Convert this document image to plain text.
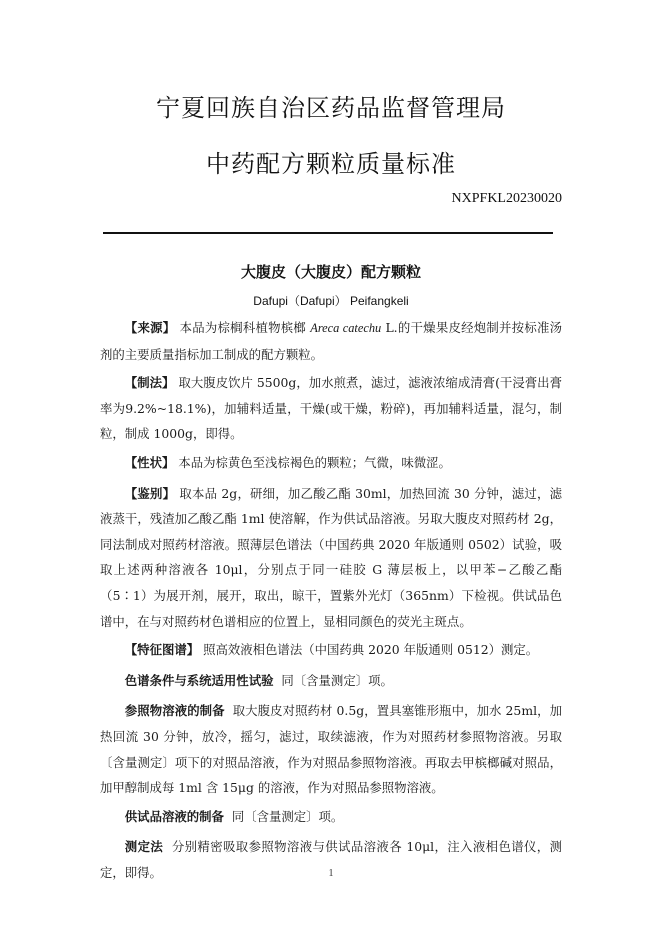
宁夏回族自治区药品监督管理局
中药配方颗粒质量标准
NXPFKL20230020
大腹皮（大腹皮）配方颗粒
Dafupi（Dafupi） Peifangkeli

【来源】 本品为棕榈科植物槟榔 Areca catechu L.的干燥果皮经炮制并按标准汤剂的主要质量指标加工制成的配方颗粒。

【制法】 取大腹皮饮片 5500g，加水煎煮，滤过，滤液浓缩成清膏(干浸膏出膏率为9.2%~18.1%)，加辅料适量，干燥(或干燥，粉碎)，再加辅料适量，混匀，制粒，制成 1000g，即得。

【性状】 本品为棕黄色至浅棕褐色的颗粒；气微，味微涩。

【鉴别】 取本品 2g，研细，加乙酸乙酯 30ml，加热回流 30 分钟，滤过，滤液蒸干，残渣加乙酸乙酯 1ml 使溶解，作为供试品溶液。另取大腹皮对照药材 2g，同法制成对照药材溶液。照薄层色谱法（中国药典 2020 年版通则 0502）试验，吸取上述两种溶液各 10μl，分别点于同一硅胶 G 薄层板上，以甲苯−乙酸乙酯（5∶1）为展开剂，展开，取出，晾干，置紫外光灯（365nm）下检视。供试品色谱中，在与对照药材色谱相应的位置上，显相同颜色的荧光主斑点。

【特征图谱】 照高效液相色谱法（中国药典 2020 年版通则 0512）测定。

色谱条件与系统适用性试验 同〔含量测定〕项。

参照物溶液的制备 取大腹皮对照药材 0.5g，置具塞锥形瓶中，加水 25ml，加热回流 30 分钟，放冷，摇匀，滤过，取续滤液，作为对照药材参照物溶液。另取〔含量测定〕项下的对照品溶液，作为对照品参照物溶液。再取去甲槟榔碱对照品，加甲醇制成每 1ml 含 15μg 的溶液，作为对照品参照物溶液。

供试品溶液的制备 同〔含量测定〕项。

测定法 分别精密吸取参照物溶液与供试品溶液各 10μl，注入液相色谱仪，测定，即得。	1
